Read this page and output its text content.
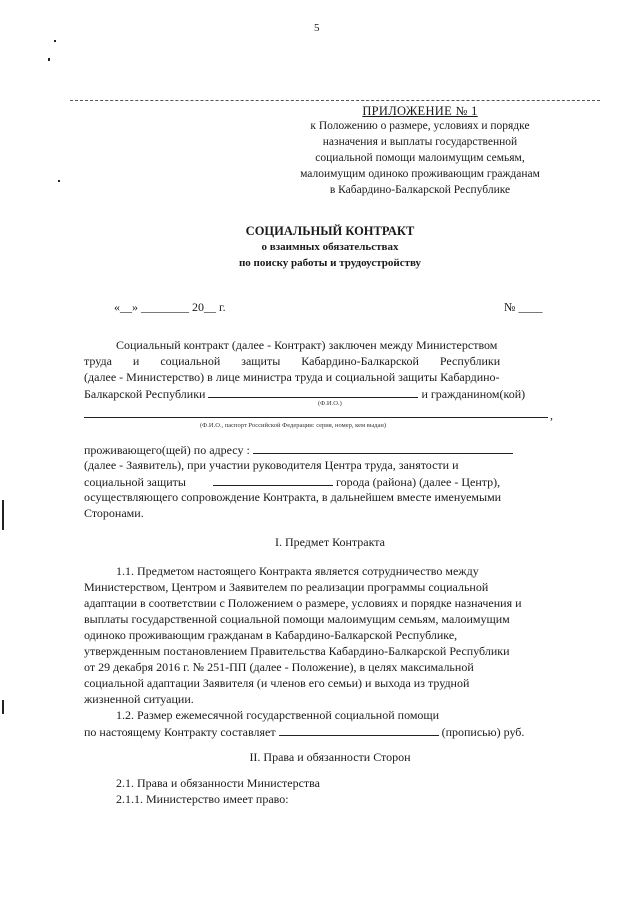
5
ПРИЛОЖЕНИЕ № 1
к Положению о размере, условиях и порядке
назначения и выплаты государственной
социальной помощи малоимущим семьям,
малоимущим одиноко проживающим гражданам
в Кабардино-Балкарской Республике
СОЦИАЛЬНЫЙ КОНТРАКТ
о взаимных обязательствах
по поиску работы и трудоустройству
«__» ________ 20__ г.	№ ____
Социальный контракт (далее - Контракт) заключен между Министерством
труда и социальной защиты Кабардино-Балкарской Республики
(далее - Министерство) в лице министра труда и социальной защиты Кабардино-
Балкарской Республики	и гражданином(кой)
(Ф.И.О.)
,
(Ф.И.О., паспорт Российской Федерации: серия, номер, кем выдан)
проживающего(щей) по адресу :
(далее - Заявитель), при участии руководителя Центра труда, занятости и
социальной защиты	города (района) (далее - Центр),
осуществляющего сопровождение Контракта, в дальнейшем вместе именуемыми
Сторонами.
I. Предмет Контракта
1.1. Предметом настоящего Контракта является сотрудничество между
Министерством, Центром и Заявителем по реализации программы социальной
адаптации в соответствии с Положением о размере, условиях и порядке назначения и
выплаты государственной социальной помощи малоимущим семьям, малоимущим
одиноко проживающим гражданам в Кабардино-Балкарской Республике,
утвержденным постановлением Правительства Кабардино-Балкарской Республики
от 29 декабря 2016 г. № 251-ПП (далее - Положение), в целях максимальной
социальной адаптации Заявителя (и членов его семьи) и выхода из трудной
жизненной ситуации.
1.2. Размер ежемесячной государственной социальной помощи
по настоящему Контракту составляет	(прописью) руб.
II. Права и обязанности Сторон
2.1. Права и обязанности Министерства
2.1.1. Министерство имеет право:
